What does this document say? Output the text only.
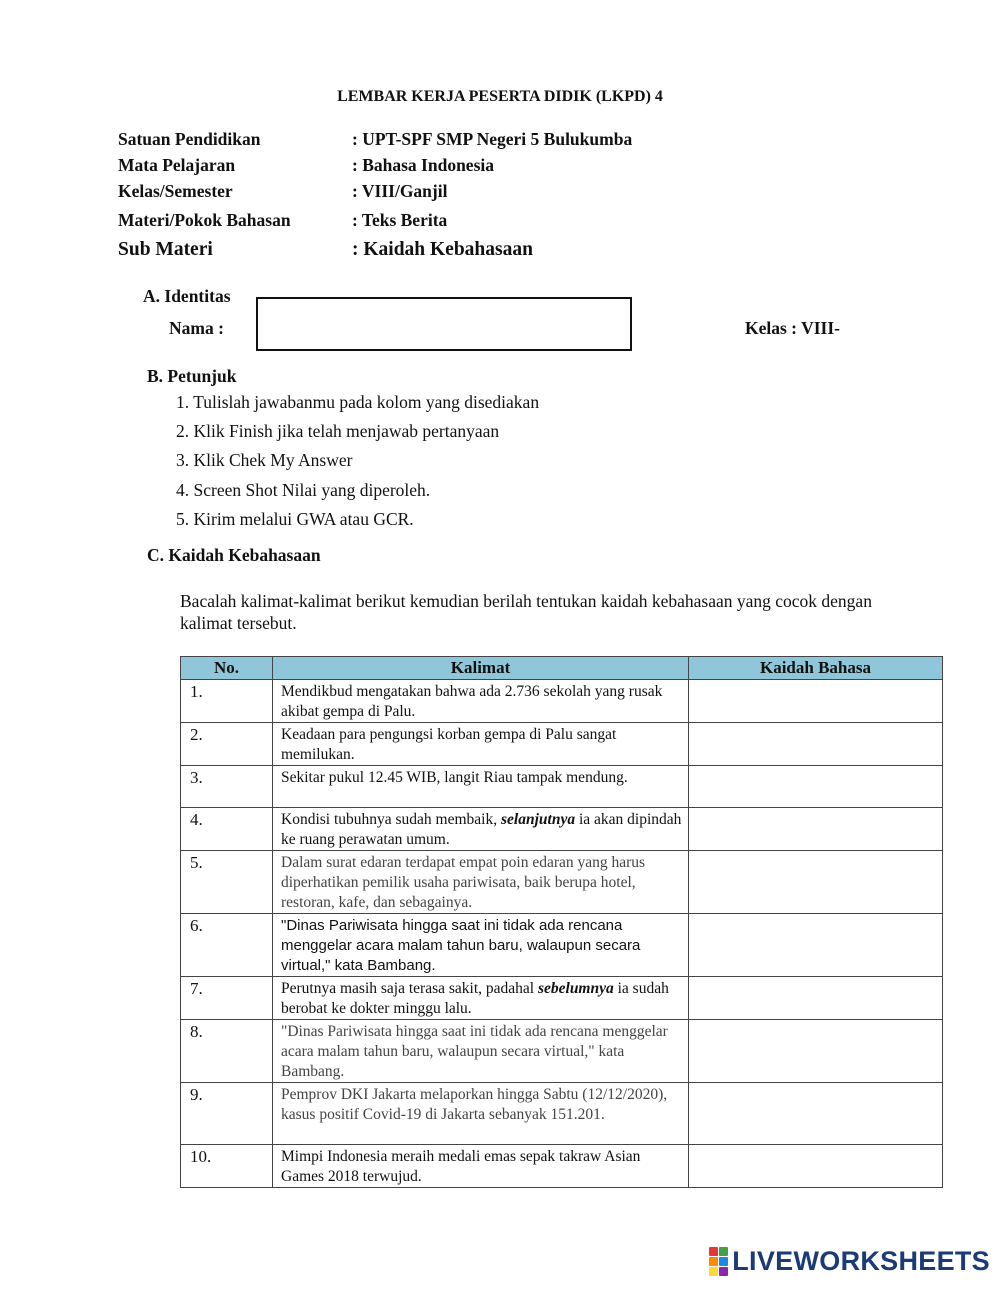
LEMBAR KERJA PESERTA DIDIK (LKPD) 4
Satuan Pendidikan	: UPT-SPF SMP Negeri 5 Bulukumba
Mata Pelajaran	: Bahasa Indonesia
Kelas/Semester	: VIII/Ganjil
Materi/Pokok Bahasan	: Teks Berita
Sub Materi	: Kaidah Kebahasaan
A. Identitas
Nama :	Kelas : VIII-
B. Petunjuk
1. Tulislah jawabanmu pada kolom yang disediakan
2. Klik Finish jika telah menjawab pertanyaan
3. Klik Chek My Answer
4. Screen Shot Nilai yang diperoleh.
5. Kirim melalui GWA atau GCR.
C. Kaidah Kebahasaan
Bacalah kalimat-kalimat berikut kemudian berilah tentukan kaidah kebahasaan yang cocok dengan kalimat tersebut.
No.	Kalimat	Kaidah Bahasa
1.	Mendikbud mengatakan bahwa ada 2.736 sekolah yang rusak akibat gempa di Palu.	
2.	Keadaan para pengungsi korban gempa di Palu sangat memilukan.	
3.	Sekitar pukul 12.45 WIB, langit Riau tampak mendung.	
4.	Kondisi tubuhnya sudah membaik, selanjutnya ia akan dipindah ke ruang perawatan umum.	
5.	Dalam surat edaran terdapat empat poin edaran yang harus diperhatikan pemilik usaha pariwisata, baik berupa hotel, restoran, kafe, dan sebagainya.	
6.	"Dinas Pariwisata hingga saat ini tidak ada rencana menggelar acara malam tahun baru, walaupun secara virtual," kata Bambang.	
7.	Perutnya masih saja terasa sakit, padahal sebelumnya ia sudah berobat ke dokter minggu lalu.	
8.	"Dinas Pariwisata hingga saat ini tidak ada rencana menggelar acara malam tahun baru, walaupun secara virtual," kata Bambang.	
9.	Pemprov DKI Jakarta melaporkan hingga Sabtu (12/12/2020), kasus positif Covid-19 di Jakarta sebanyak 151.201.	
10.	Mimpi Indonesia meraih medali emas sepak takraw Asian Games 2018 terwujud.	
LIVEWORKSHEETS
